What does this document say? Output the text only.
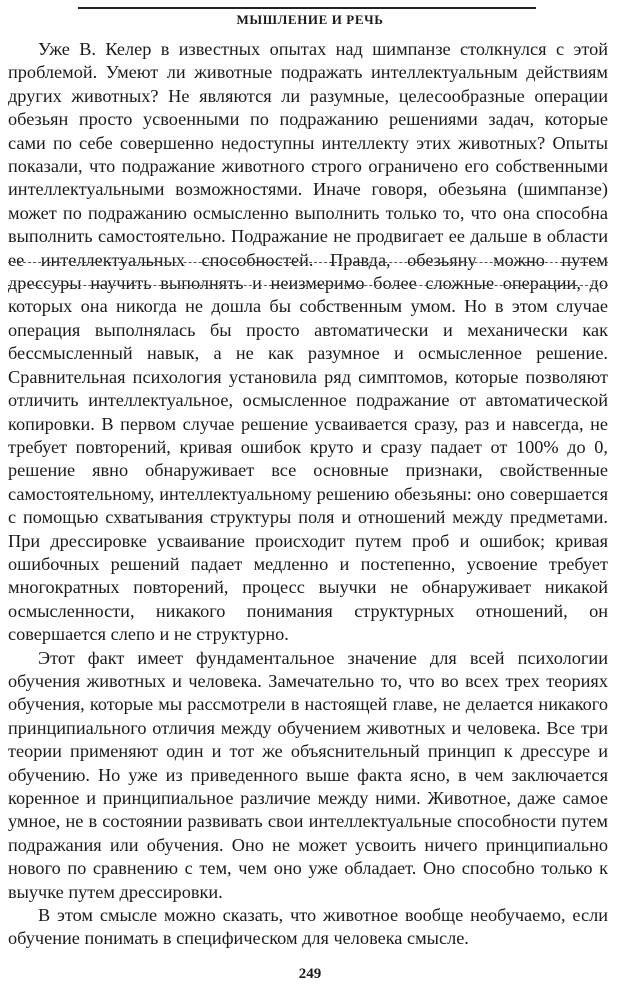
МЫШЛЕНИЕ И РЕЧЬ

Уже В. Келер в известных опытах над шимпанзе столкнулся с этой проблемой. Умеют ли животные подражать интеллектуальным действиям других животных? Не являются ли разумные, целесообразные операции обезьян просто усвоенными по подражанию решениями задач, которые сами по себе совершенно недоступны интеллекту этих животных? Опыты показали, что подражание животного строго ограничено его собственными интеллектуальными возможностями. Иначе говоря, обезьяна (шимпанзе) может по подражанию осмысленно выполнить только то, что она способна выполнить самостоятельно. Подражание не продвигает ее дальше в области ее интеллектуальных способностей. Правда, обезьяну можно путем дрессуры научить выполнять и неизмеримо более сложные операции, до которых она никогда не дошла бы собственным умом. Но в этом случае операция выполнялась бы просто автоматически и механически как бессмысленный навык, а не как разумное и осмысленное решение. Сравнительная психология установила ряд симптомов, которые позволяют отличить интеллектуальное, осмысленное подражание от автоматической копировки. В первом случае решение усваивается сразу, раз и навсегда, не требует повторений, кривая ошибок круто и сразу падает от 100% до 0, решение явно обнаруживает все основные признаки, свойственные самостоятельному, интеллектуальному решению обезьяны: оно совершается с помощью схватывания структуры поля и отношений между предметами. При дрессировке усваивание происходит путем проб и ошибок; кривая ошибочных решений падает медленно и постепенно, усвоение требует многократных повторений, процесс выучки не обнаруживает никакой осмысленности, никакого понимания структурных отношений, он совершается слепо и не структурно.

Этот факт имеет фундаментальное значение для всей психологии обучения животных и человека. Замечательно то, что во всех трех теориях обучения, которые мы рассмотрели в настоящей главе, не делается никакого принципиального отличия между обучением животных и человека. Все три теории применяют один и тот же объяснительный принцип к дрессуре и обучению. Но уже из приведенного выше факта ясно, в чем заключается коренное и принципиальное различие между ними. Животное, даже самое умное, не в состоянии развивать свои интеллектуальные способности путем подражания или обучения. Оно не может усвоить ничего принципиально нового по сравнению с тем, чем оно уже обладает. Оно способно только к выучке путем дрессировки.

В этом смысле можно сказать, что животное вообще необучаемо, если обучение понимать в специфическом для человека смысле.

249
